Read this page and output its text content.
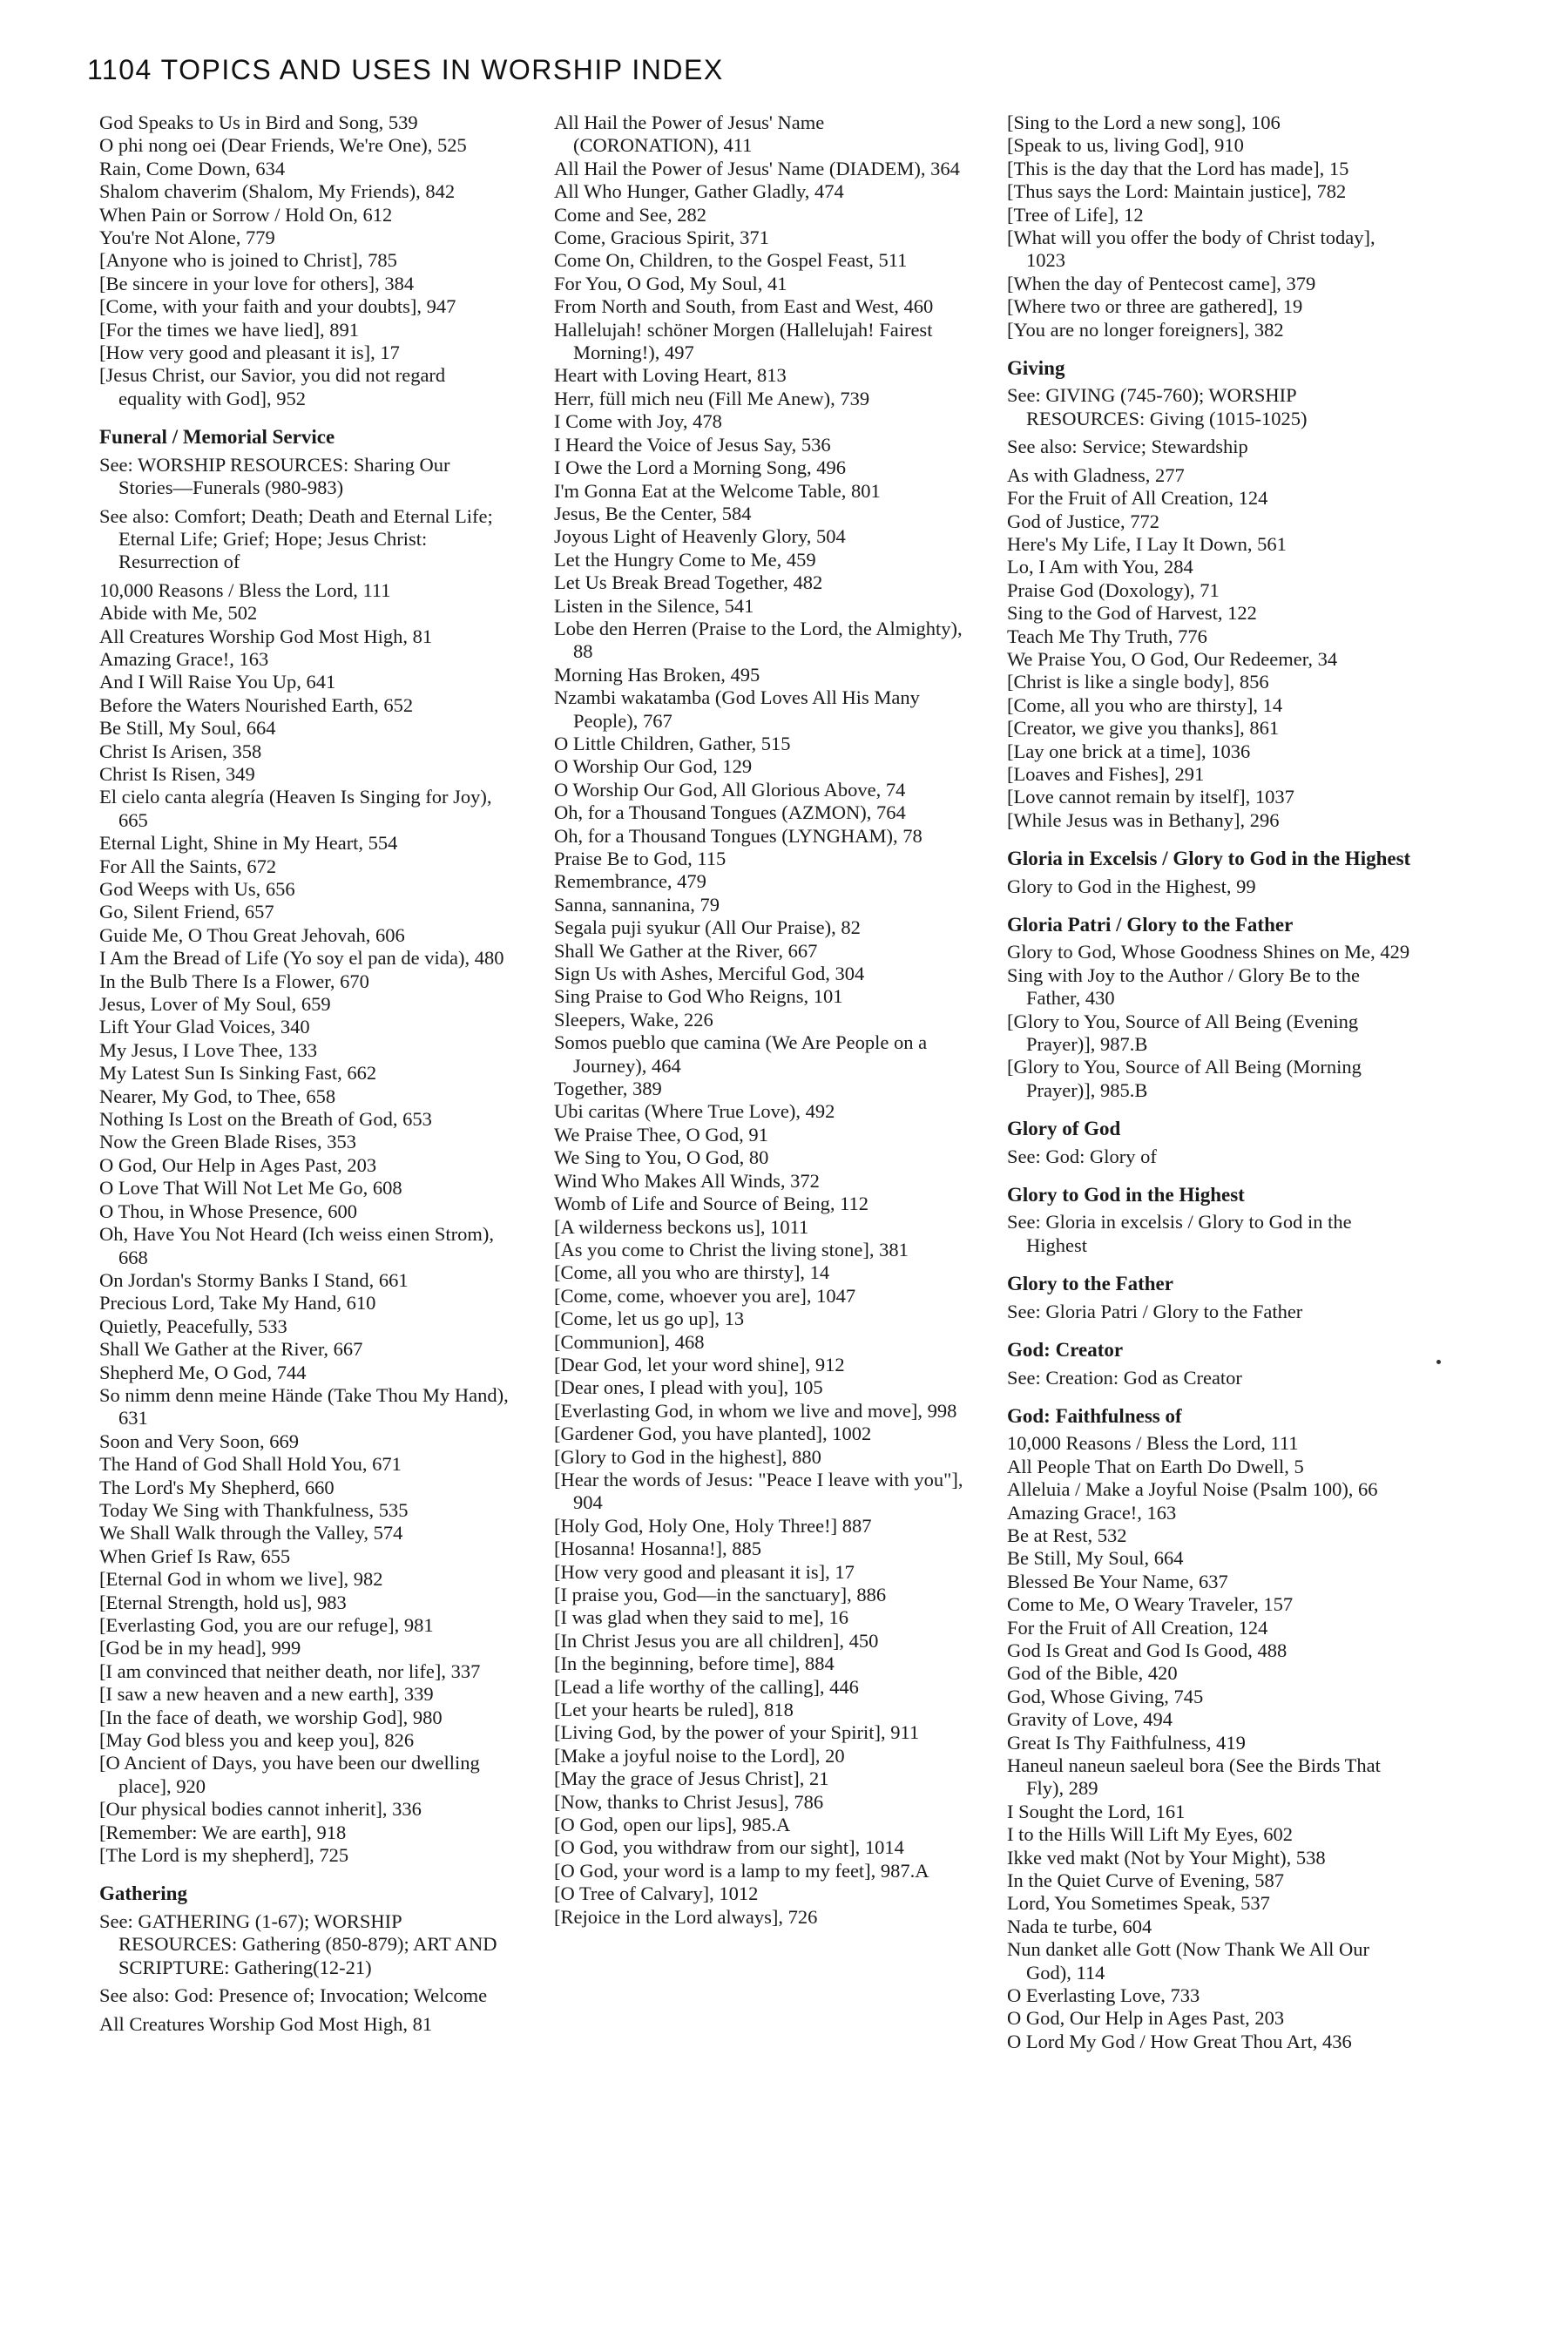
1104 TOPICS AND USES IN WORSHIP INDEX
God Speaks to Us in Bird and Song, 539
O phi nong oei (Dear Friends, We're One), 525
Rain, Come Down, 634
Shalom chaverim (Shalom, My Friends), 842
When Pain or Sorrow / Hold On, 612
You're Not Alone, 779
[Anyone who is joined to Christ], 785
[Be sincere in your love for others], 384
[Come, with your faith and your doubts], 947
[For the times we have lied], 891
[How very good and pleasant it is], 17
[Jesus Christ, our Savior, you did not regard equality with God], 952
Funeral / Memorial Service
See: WORSHIP RESOURCES: Sharing Our Stories—Funerals (980-983)
See also: Comfort; Death; Death and Eternal Life; Eternal Life; Grief; Hope; Jesus Christ: Resurrection of
10,000 Reasons / Bless the Lord, 111
Abide with Me, 502
All Creatures Worship God Most High, 81
Amazing Grace!, 163
And I Will Raise You Up, 641
Before the Waters Nourished Earth, 652
Be Still, My Soul, 664
Christ Is Arisen, 358
Christ Is Risen, 349
El cielo canta alegría (Heaven Is Singing for Joy), 665
Eternal Light, Shine in My Heart, 554
For All the Saints, 672
God Weeps with Us, 656
Go, Silent Friend, 657
Guide Me, O Thou Great Jehovah, 606
I Am the Bread of Life (Yo soy el pan de vida), 480
In the Bulb There Is a Flower, 670
Jesus, Lover of My Soul, 659
Lift Your Glad Voices, 340
My Jesus, I Love Thee, 133
My Latest Sun Is Sinking Fast, 662
Nearer, My God, to Thee, 658
Nothing Is Lost on the Breath of God, 653
Now the Green Blade Rises, 353
O God, Our Help in Ages Past, 203
O Love That Will Not Let Me Go, 608
O Thou, in Whose Presence, 600
Oh, Have You Not Heard (Ich weiss einen Strom), 668
On Jordan's Stormy Banks I Stand, 661
Precious Lord, Take My Hand, 610
Quietly, Peacefully, 533
Shall We Gather at the River, 667
Shepherd Me, O God, 744
So nimm denn meine Hände (Take Thou My Hand), 631
Soon and Very Soon, 669
The Hand of God Shall Hold You, 671
The Lord's My Shepherd, 660
Today We Sing with Thankfulness, 535
We Shall Walk through the Valley, 574
When Grief Is Raw, 655
[Eternal God in whom we live], 982
[Eternal Strength, hold us], 983
[Everlasting God, you are our refuge], 981
[God be in my head], 999
[I am convinced that neither death, nor life], 337
[I saw a new heaven and a new earth], 339
[In the face of death, we worship God], 980
[May God bless you and keep you], 826
[O Ancient of Days, you have been our dwelling place], 920
[Our physical bodies cannot inherit], 336
[Remember: We are earth], 918
[The Lord is my shepherd], 725
Gathering
See: GATHERING (1-67); WORSHIP RESOURCES: Gathering (850-879); ART AND SCRIPTURE: Gathering(12-21)
See also: God: Presence of; Invocation; Welcome
All Creatures Worship God Most High, 81
All Hail the Power of Jesus' Name (CORONATION), 411
All Hail the Power of Jesus' Name (DIADEM), 364
All Who Hunger, Gather Gladly, 474
Come and See, 282
Come, Gracious Spirit, 371
Come On, Children, to the Gospel Feast, 511
For You, O God, My Soul, 41
From North and South, from East and West, 460
Hallelujah! schöner Morgen (Hallelujah! Fairest Morning!), 497
Heart with Loving Heart, 813
Herr, füll mich neu (Fill Me Anew), 739
I Come with Joy, 478
I Heard the Voice of Jesus Say, 536
I Owe the Lord a Morning Song, 496
I'm Gonna Eat at the Welcome Table, 801
Jesus, Be the Center, 584
Joyous Light of Heavenly Glory, 504
Let the Hungry Come to Me, 459
Let Us Break Bread Together, 482
Listen in the Silence, 541
Lobe den Herren (Praise to the Lord, the Almighty), 88
Morning Has Broken, 495
Nzambi wakatamba (God Loves All His Many People), 767
O Little Children, Gather, 515
O Worship Our God, 129
O Worship Our God, All Glorious Above, 74
Oh, for a Thousand Tongues (AZMON), 764
Oh, for a Thousand Tongues (LYNGHAM), 78
Praise Be to God, 115
Remembrance, 479
Sanna, sannanina, 79
Segala puji syukur (All Our Praise), 82
Shall We Gather at the River, 667
Sign Us with Ashes, Merciful God, 304
Sing Praise to God Who Reigns, 101
Sleepers, Wake, 226
Somos pueblo que camina (We Are People on a Journey), 464
Together, 389
Ubi caritas (Where True Love), 492
We Praise Thee, O God, 91
We Sing to You, O God, 80
Wind Who Makes All Winds, 372
Womb of Life and Source of Being, 112
[A wilderness beckons us], 1011
[As you come to Christ the living stone], 381
[Come, all you who are thirsty], 14
[Come, come, whoever you are], 1047
[Come, let us go up], 13
[Communion], 468
[Dear God, let your word shine], 912
[Dear ones, I plead with you], 105
[Everlasting God, in whom we live and move], 998
[Gardener God, you have planted], 1002
[Glory to God in the highest], 880
[Hear the words of Jesus: "Peace I leave with you"], 904
[Holy God, Holy One, Holy Three!] 887
[Hosanna! Hosanna!], 885
[How very good and pleasant it is], 17
[I praise you, God—in the sanctuary], 886
[I was glad when they said to me], 16
[In Christ Jesus you are all children], 450
[In the beginning, before time], 884
[Lead a life worthy of the calling], 446
[Let your hearts be ruled], 818
[Living God, by the power of your Spirit], 911
[Make a joyful noise to the Lord], 20
[May the grace of Jesus Christ], 21
[Now, thanks to Christ Jesus], 786
[O God, open our lips], 985.A
[O God, you withdraw from our sight], 1014
[O God, your word is a lamp to my feet], 987.A
[O Tree of Calvary], 1012
[Rejoice in the Lord always], 726
[Sing to the Lord a new song], 106
[Speak to us, living God], 910
[This is the day that the Lord has made], 15
[Thus says the Lord: Maintain justice], 782
[Tree of Life], 12
[What will you offer the body of Christ today], 1023
[When the day of Pentecost came], 379
[Where two or three are gathered], 19
[You are no longer foreigners], 382
Giving
See: GIVING (745-760); WORSHIP RESOURCES: Giving (1015-1025)
See also: Service; Stewardship
As with Gladness, 277
For the Fruit of All Creation, 124
God of Justice, 772
Here's My Life, I Lay It Down, 561
Lo, I Am with You, 284
Praise God (Doxology), 71
Sing to the God of Harvest, 122
Teach Me Thy Truth, 776
We Praise You, O God, Our Redeemer, 34
[Christ is like a single body], 856
[Come, all you who are thirsty], 14
[Creator, we give you thanks], 861
[Lay one brick at a time], 1036
[Loaves and Fishes], 291
[Love cannot remain by itself], 1037
[While Jesus was in Bethany], 296
Gloria in Excelsis / Glory to God in the Highest
Glory to God in the Highest, 99
Gloria Patri / Glory to the Father
Glory to God, Whose Goodness Shines on Me, 429
Sing with Joy to the Author / Glory Be to the Father, 430
[Glory to You, Source of All Being (Evening Prayer)], 987.B
[Glory to You, Source of All Being (Morning Prayer)], 985.B
Glory of God
See: God: Glory of
Glory to God in the Highest
See: Gloria in excelsis / Glory to God in the Highest
Glory to the Father
See: Gloria Patri / Glory to the Father
God: Creator
See: Creation: God as Creator
God: Faithfulness of
10,000 Reasons / Bless the Lord, 111
All People That on Earth Do Dwell, 5
Alleluia / Make a Joyful Noise (Psalm 100), 66
Amazing Grace!, 163
Be at Rest, 532
Be Still, My Soul, 664
Blessed Be Your Name, 637
Come to Me, O Weary Traveler, 157
For the Fruit of All Creation, 124
God Is Great and God Is Good, 488
God of the Bible, 420
God, Whose Giving, 745
Gravity of Love, 494
Great Is Thy Faithfulness, 419
Haneul naneun saeleul bora (See the Birds That Fly), 289
I Sought the Lord, 161
I to the Hills Will Lift My Eyes, 602
Ikke ved makt (Not by Your Might), 538
In the Quiet Curve of Evening, 587
Lord, You Sometimes Speak, 537
Nada te turbe, 604
Nun danket alle Gott (Now Thank We All Our God), 114
O Everlasting Love, 733
O God, Our Help in Ages Past, 203
O Lord My God / How Great Thou Art, 436
